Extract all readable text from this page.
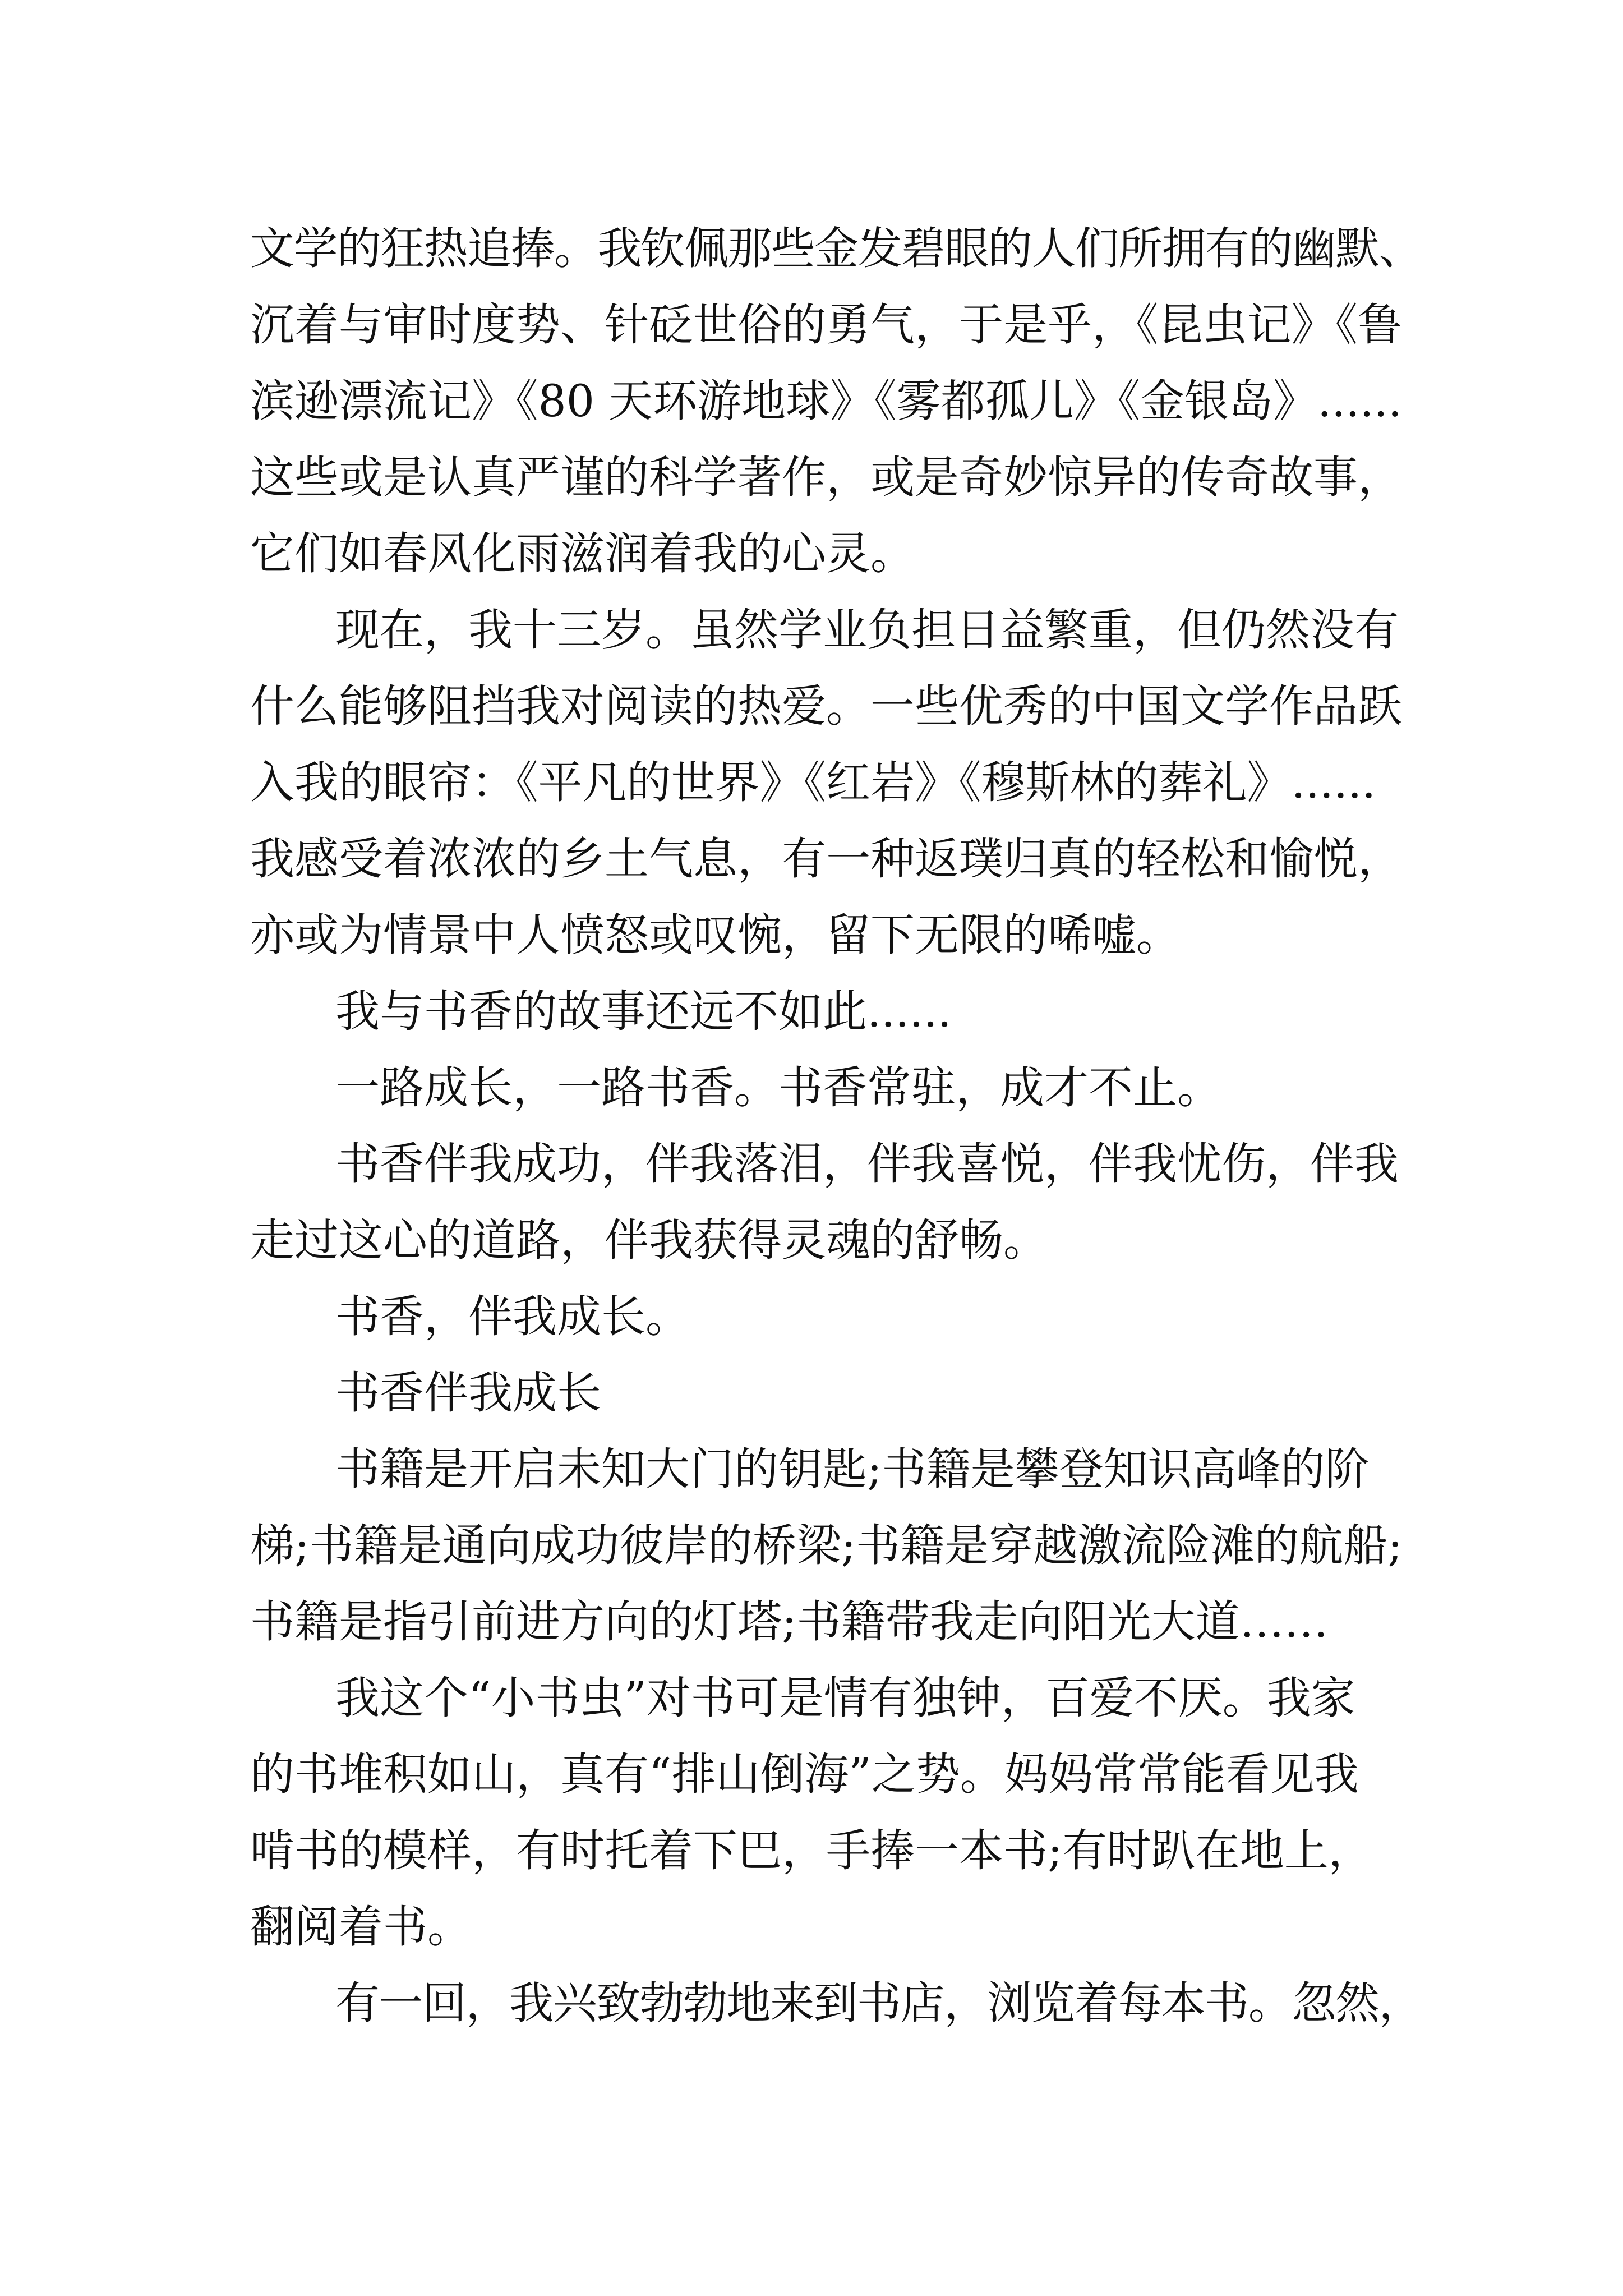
文学的狂热追捧。我钦佩那些金发碧眼的人们所拥有的幽默、
沉着与审时度势、针砭世俗的勇气，于是乎，《昆虫记》《鲁
滨逊漂流记》《80 天环游地球》《雾都孤儿》《金银岛》......
这些或是认真严谨的科学著作，或是奇妙惊异的传奇故事，
它们如春风化雨滋润着我的心灵。
现在，我十三岁。虽然学业负担日益繁重，但仍然没有
什么能够阻挡我对阅读的热爱。一些优秀的中国文学作品跃
入我的眼帘：《平凡的世界》《红岩》《穆斯林的葬礼》......
我感受着浓浓的乡土气息，有一种返璞归真的轻松和愉悦，
亦或为情景中人愤怒或叹惋，留下无限的唏嘘。
我与书香的故事还远不如此......
一路成长，一路书香。书香常驻，成才不止。
书香伴我成功，伴我落泪，伴我喜悦，伴我忧伤，伴我
走过这心的道路，伴我获得灵魂的舒畅。
书香，伴我成长。
书香伴我成长
书籍是开启未知大门的钥匙;书籍是攀登知识高峰的阶
梯;书籍是通向成功彼岸的桥梁;书籍是穿越激流险滩的航船;
书籍是指引前进方向的灯塔;书籍带我走向阳光大道……
我这个“小书虫”对书可是情有独钟，百爱不厌。我家
的书堆积如山，真有“排山倒海”之势。妈妈常常能看见我
啃书的模样，有时托着下巴，手捧一本书;有时趴在地上，
翻阅着书。
有一回，我兴致勃勃地来到书店，浏览着每本书。忽然，
